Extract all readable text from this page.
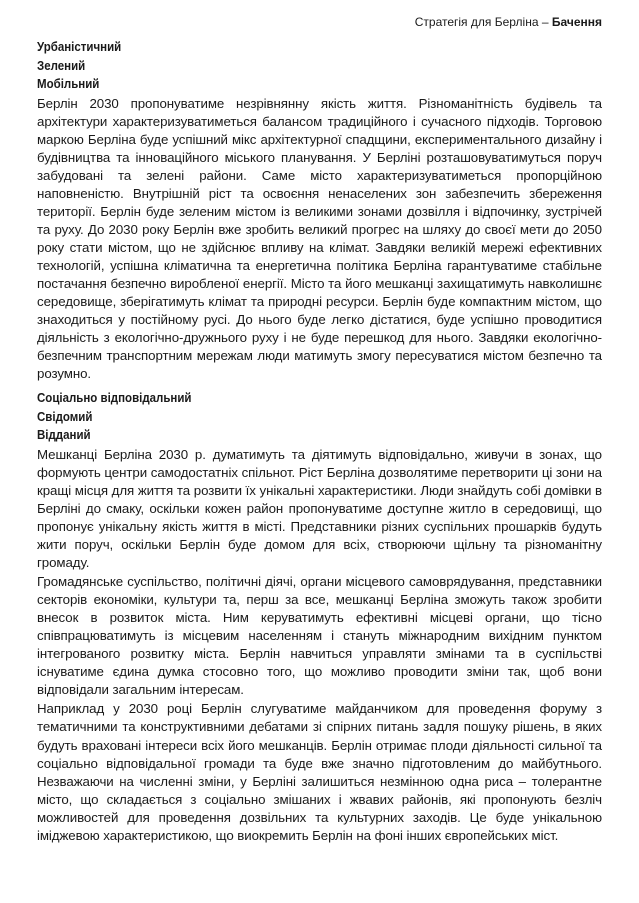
Стратегія для Берліна – Бачення
Урбаністичний
Зелений
Мобільний

Берлін 2030 пропонуватиме незрівнянну якість життя. Різноманітність будівель та архітектури характеризуватиметься балансом традиційного і сучасного підходів. Торговою маркою Берліна буде успішний мікс архітектурної спадщини, експериментального дизайну і будівництва та інноваційного міського планування. У Берліні розташовуватимуться поруч забудовані та зелені райони. Саме місто характеризуватиметься пропорційною наповненістю. Внутрішній ріст та освоєння ненаселених зон забезпечить збереження території. Берлін буде зеленим містом із великими зонами дозвілля і відпочинку, зустрічей та руху. До 2030 року Берлін вже зробить великий прогрес на шляху до своєї мети до 2050 року стати містом, що не здійснює впливу на клімат. Завдяки великій мережі ефективних технологій, успішна кліматична та енергетична політика Берліна гарантуватиме стабільне постачання безпечно виробленої енергії. Місто та його мешканці захищатимуть навколишнє середовище, зберігатимуть клімат та природні ресурси. Берлін буде компактним містом, що знаходиться у постійному русі. До нього буде легко дістатися, буде успішно проводитися діяльність з екологічно-дружнього руху і не буде перешкод для нього. Завдяки екологічно-безпечним транспортним мережам люди матимуть змогу пересуватися містом безпечно та розумно.

Соціально відповідальний
Свідомий
Відданий

Мешканці Берліна 2030 р. думатимуть та діятимуть відповідально, живучи в зонах, що формують центри самодостатніх спільнот. Ріст Берліна дозволятиме перетворити ці зони на кращі місця для життя та розвити їх унікальні характеристики. Люди знайдуть собі домівки в Берліні до смаку, оскільки кожен район пропонуватиме доступне житло в середовищі, що пропонує унікальну якість життя в місті. Представники різних суспільних прошарків будуть жити поруч, оскільки Берлін буде домом для всіх, створюючи щільну та різноманітну громаду.

Громадянське суспільство, політичні діячі, органи місцевого самоврядування, представники секторів економіки, культури та, перш за все, мешканці Берліна зможуть також зробити внесок в розвиток міста. Ним керуватимуть ефективні місцеві органи, що тісно співпрацюватимуть із місцевим населенням і стануть міжнародним вихідним пунктом інтегрованого розвитку міста. Берлін навчиться управляти змінами та в суспільстві існуватиме єдина думка стосовно того, що можливо проводити зміни так, щоб вони відповідали загальним інтересам.

Наприклад у 2030 році Берлін слугуватиме майданчиком для проведення форуму з тематичними та конструктивними дебатами зі спірних питань задля пошуку рішень, в яких будуть враховані інтереси всіх його мешканців. Берлін отримає плоди діяльності сильної та соціально відповідальної громади та буде вже значно підготовленим до майбутнього. Незважаючи на численні зміни, у Берліні залишиться незмінною одна риса – толерантне місто, що складається з соціально змішаних і жвавих районів, які пропонують безліч можливостей для проведення дозвільних та культурних заходів. Це буде унікальною іміджевою характеристикою, що виокремить Берлін на фоні інших європейських міст.
